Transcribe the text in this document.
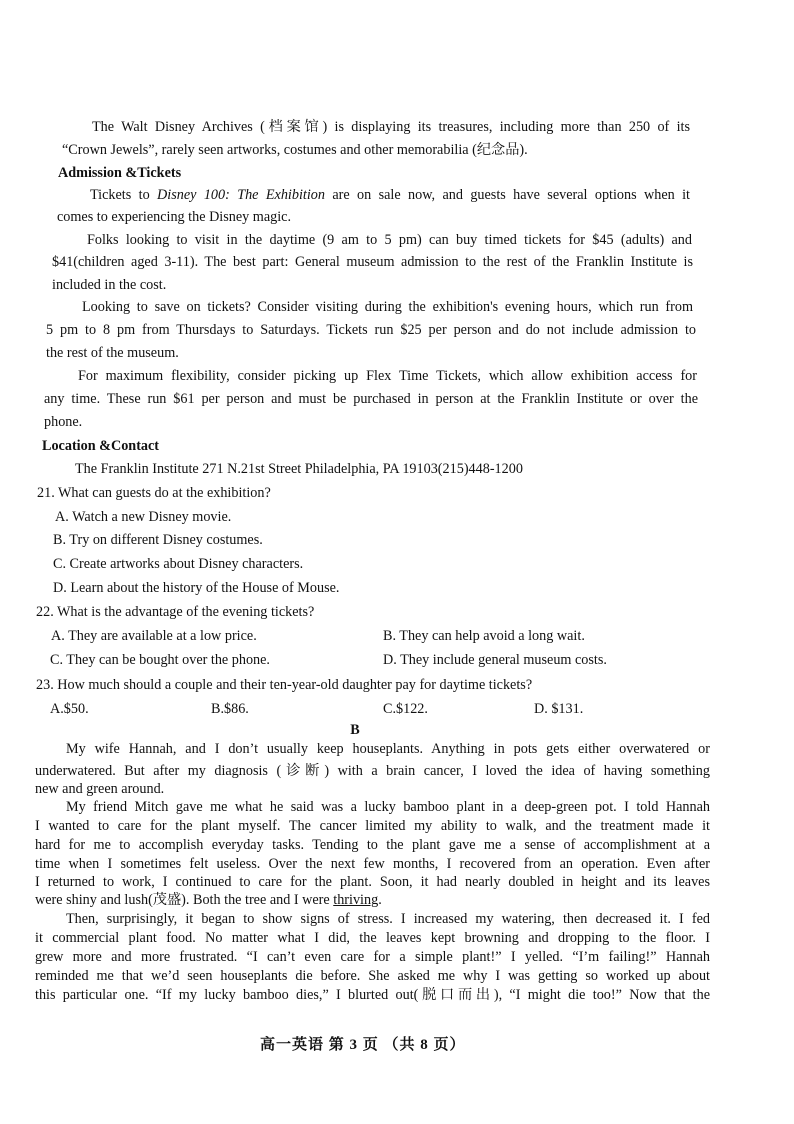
The Walt Disney Archives (档案馆) is displaying its treasures, including more than 250 of its
“Crown Jewels”, rarely seen artworks, costumes and other memorabilia (纪念品).
Admission &Tickets
Tickets to Disney 100: The Exhibition are on sale now, and guests have several options when it
comes to experiencing the Disney magic.
Folks looking to visit in the daytime (9 am to 5 pm) can buy timed tickets for $45 (adults) and
$41(children aged 3-11). The best part: General museum admission to the rest of the Franklin Institute is
included in the cost.
Looking to save on tickets? Consider visiting during the exhibition's evening hours, which run from
5 pm to 8 pm from Thursdays to Saturdays. Tickets run $25 per person and do not include admission to
the rest of the museum.
For maximum flexibility, consider picking up Flex Time Tickets, which allow exhibition access for
any time. These run $61 per person and must be purchased in person at the Franklin Institute or over the
phone.
Location &Contact
The Franklin Institute 271 N.21st Street Philadelphia, PA 19103(215)448-1200
21. What can guests do at the exhibition?
A. Watch a new Disney movie.
B. Try on different Disney costumes.
C. Create artworks about Disney characters.
D. Learn about the history of the House of Mouse.
22. What is the advantage of the evening tickets?
A. They are available at a low price.	B. They can help avoid a long wait.
C. They can be bought over the phone.	D. They include general museum costs.
23. How much should a couple and their ten-year-old daughter pay for daytime tickets?
A.$50.	B.$86.	C.$122.	D. $131.
B
My wife Hannah, and I don’t usually keep houseplants. Anything in pots gets either overwatered or
underwatered. But after my diagnosis (诊断) with a brain cancer, I loved the idea of having something
new and green around.
My friend Mitch gave me what he said was a lucky bamboo plant in a deep-green pot. I told Hannah
I wanted to care for the plant myself. The cancer limited my ability to walk, and the treatment made it
hard for me to accomplish everyday tasks. Tending to the plant gave me a sense of accomplishment at a
time when I sometimes felt useless. Over the next few months, I recovered from an operation. Even after
I returned to work, I continued to care for the plant. Soon, it had nearly doubled in height and its leaves
were shiny and lush(茂盛). Both the tree and I were thriving.
Then, surprisingly, it began to show signs of stress. I increased my watering, then decreased it. I fed
it commercial plant food. No matter what I did, the leaves kept browning and dropping to the floor. I
grew more and more frustrated. “I can’t even care for a simple plant!” I yelled. “I’m failing!” Hannah
reminded me that we’d seen houseplants die before. She asked me why I was getting so worked up about
this particular one. “If my lucky bamboo dies,” I blurted out(脱口而出), “I might die too!” Now that the
高一英语 第 3 页 （共 8 页）
